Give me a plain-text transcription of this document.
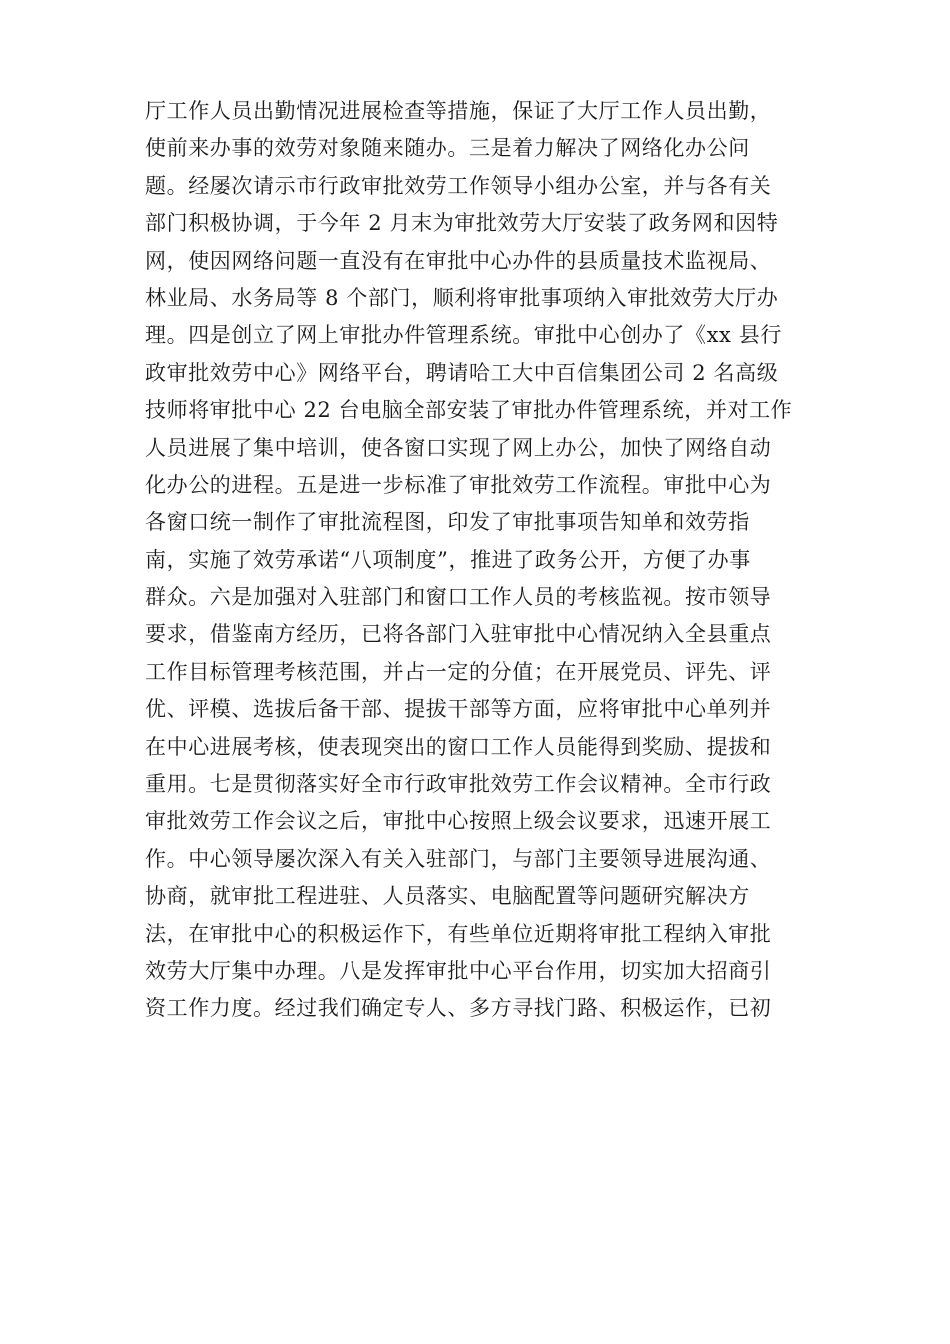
厅工作人员出勤情况进展检查等措施，保证了大厅工作人员出勤，
使前来办事的效劳对象随来随办。三是着力解决了网络化办公问
题。经屡次请示市行政审批效劳工作领导小组办公室，并与各有关
部门积极协调，于今年 2 月末为审批效劳大厅安装了政务网和因特
网，使因网络问题一直没有在审批中心办件的县质量技术监视局、
林业局、水务局等 8 个部门，顺利将审批事项纳入审批效劳大厅办
理。四是创立了网上审批办件管理系统。审批中心创办了《xx 县行
政审批效劳中心》网络平台，聘请哈工大中百信集团公司 2 名高级
技师将审批中心 22 台电脑全部安装了审批办件管理系统，并对工作
人员进展了集中培训，使各窗口实现了网上办公，加快了网络自动
化办公的进程。五是进一步标准了审批效劳工作流程。审批中心为
各窗口统一制作了审批流程图，印发了审批事项告知单和效劳指
南，实施了效劳承诺“八项制度”，推进了政务公开，方便了办事
群众。六是加强对入驻部门和窗口工作人员的考核监视。按市领导
要求，借鉴南方经历，已将各部门入驻审批中心情况纳入全县重点
工作目标管理考核范围，并占一定的分值；在开展党员、评先、评
优、评模、选拔后备干部、提拔干部等方面，应将审批中心单列并
在中心进展考核，使表现突出的窗口工作人员能得到奖励、提拔和
重用。七是贯彻落实好全市行政审批效劳工作会议精神。全市行政
审批效劳工作会议之后，审批中心按照上级会议要求，迅速开展工
作。中心领导屡次深入有关入驻部门，与部门主要领导进展沟通、
协商，就审批工程进驻、人员落实、电脑配置等问题研究解决方
法，在审批中心的积极运作下，有些单位近期将审批工程纳入审批
效劳大厅集中办理。八是发挥审批中心平台作用，切实加大招商引
资工作力度。经过我们确定专人、多方寻找门路、积极运作，已初
